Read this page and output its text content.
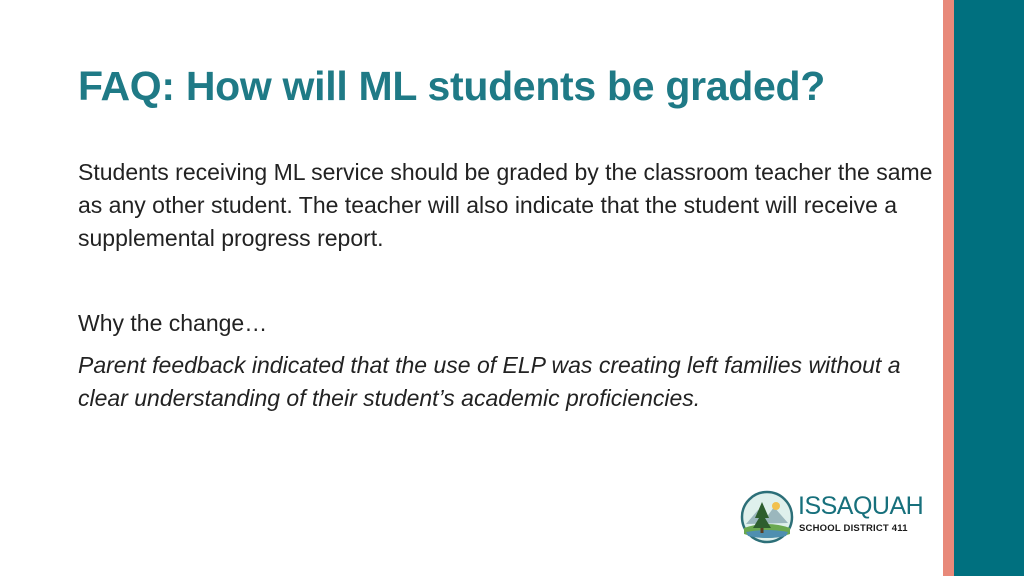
FAQ: How will ML students be graded?

Students receiving ML service should be graded by the classroom teacher the same as any other student. The teacher will also indicate that the student will receive a supplemental progress report.

Why the change…

Parent feedback indicated that the use of ELP was creating left families without a clear understanding of their student’s academic proficiencies.

ISSAQUAH
SCHOOL DISTRICT 411
